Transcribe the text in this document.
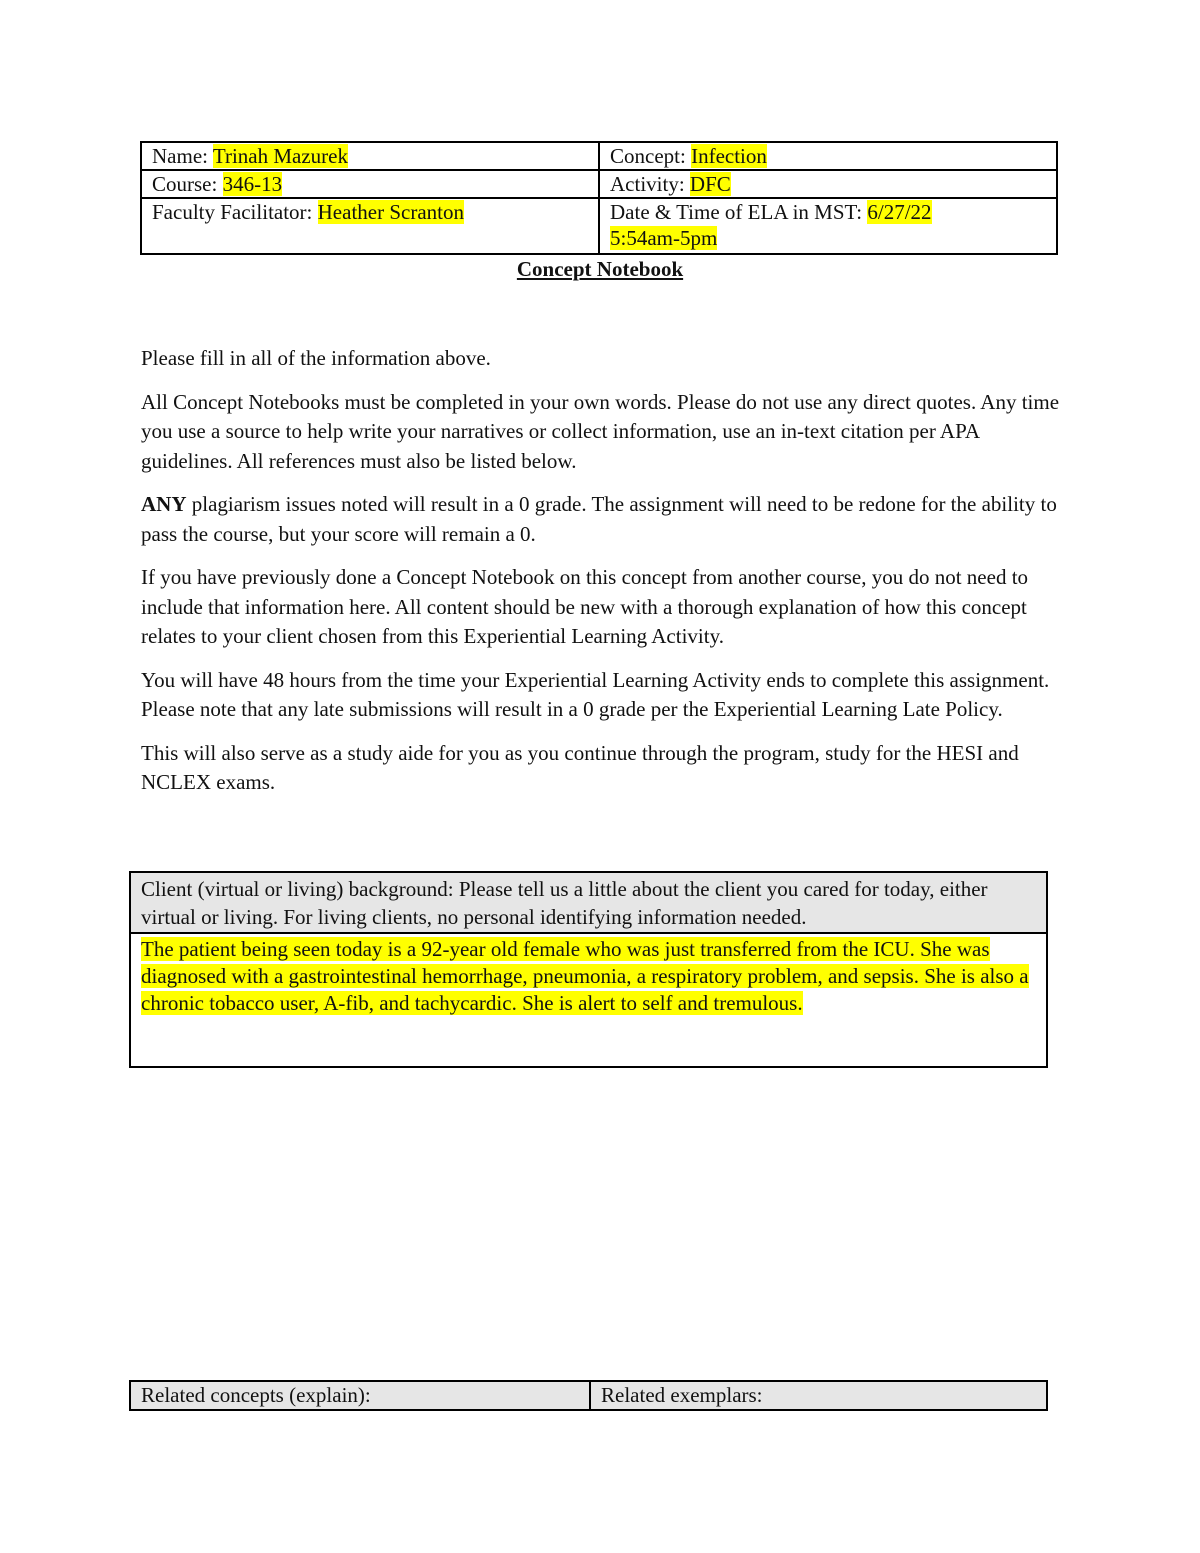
Name: Trinah Mazurek	Concept: Infection
Course: 346-13	Activity: DFC
Faculty Facilitator: Heather Scranton	Date & Time of ELA in MST: 6/27/22
5:54am-5pm
Concept Notebook

Please fill in all of the information above.

All Concept Notebooks must be completed in your own words. Please do not use any direct quotes. Any time you use a source to help write your narratives or collect information, use an in-text citation per APA guidelines. All references must also be listed below.

ANY plagiarism issues noted will result in a 0 grade. The assignment will need to be redone for the ability to pass the course, but your score will remain a 0.

If you have previously done a Concept Notebook on this concept from another course, you do not need to include that information here. All content should be new with a thorough explanation of how this concept relates to your client chosen from this Experiential Learning Activity.

You will have 48 hours from the time your Experiential Learning Activity ends to complete this assignment. Please note that any late submissions will result in a 0 grade per the Experiential Learning Late Policy.

This will also serve as a study aide for you as you continue through the program, study for the HESI and NCLEX exams.

Client (virtual or living) background: Please tell us a little about the client you cared for today, either virtual or living. For living clients, no personal identifying information needed.
The patient being seen today is a 92-year old female who was just transferred from the ICU. She was diagnosed with a gastrointestinal hemorrhage, pneumonia, a respiratory problem, and sepsis. She is also a chronic tobacco user, A-fib, and tachycardic. She is alert to self and tremulous.
Related concepts (explain):	Related exemplars:
